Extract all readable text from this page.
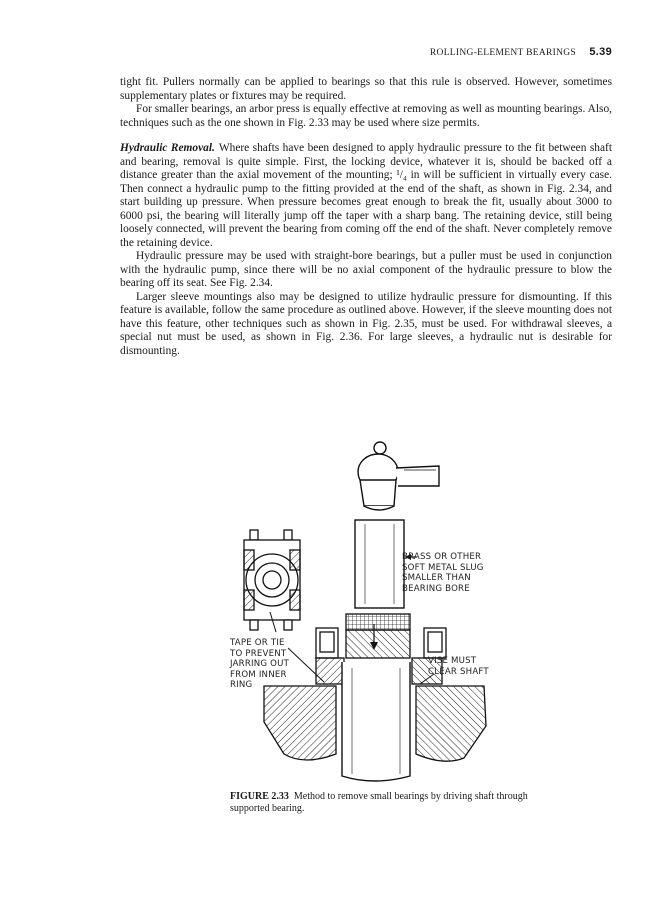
ROLLING-ELEMENT BEARINGS 5.39

tight fit. Pullers normally can be applied to bearings so that this rule is observed. However, sometimes supplementary plates or fixtures may be required.

For smaller bearings, an arbor press is equally effective at removing as well as mounting bearings. Also, techniques such as the one shown in Fig. 2.33 may be used where size permits.

Hydraulic Removal. Where shafts have been designed to apply hydraulic pressure to the fit between shaft and bearing, removal is quite simple. First, the locking device, whatever it is, should be backed off a distance greater than the axial movement of the mounting; ¹/₄ in will be sufficient in virtually every case. Then connect a hydraulic pump to the fitting provided at the end of the shaft, as shown in Fig. 2.34, and start building up pressure. When pressure becomes great enough to break the fit, usually about 3000 to 6000 psi, the bearing will literally jump off the taper with a sharp bang. The retaining device, still being loosely connected, will prevent the bearing from coming off the end of the shaft. Never completely remove the retaining device.

Hydraulic pressure may be used with straight-bore bearings, but a puller must be used in conjunction with the hydraulic pump, since there will be no axial component of the hydraulic pressure to blow the bearing off its seat. See Fig. 2.34.

Larger sleeve mountings also may be designed to utilize hydraulic pressure for dismounting. If this feature is available, follow the same procedure as outlined above. However, if the sleeve mounting does not have this feature, other techniques such as shown in Fig. 2.35, must be used. For withdrawal sleeves, a special nut must be used, as shown in Fig. 2.36. For large sleeves, a hydraulic nut is desirable for dismounting.

BRASS OR OTHER
SOFT METAL SLUG
SMALLER THAN
BEARING BORE
TAPE OR TIE
TO PREVENT
JARRING OUT
FROM INNER
RING
VISE MUST
CLEAR SHAFT
FIGURE 2.33 Method to remove small bearings by driving shaft through supported bearing.
